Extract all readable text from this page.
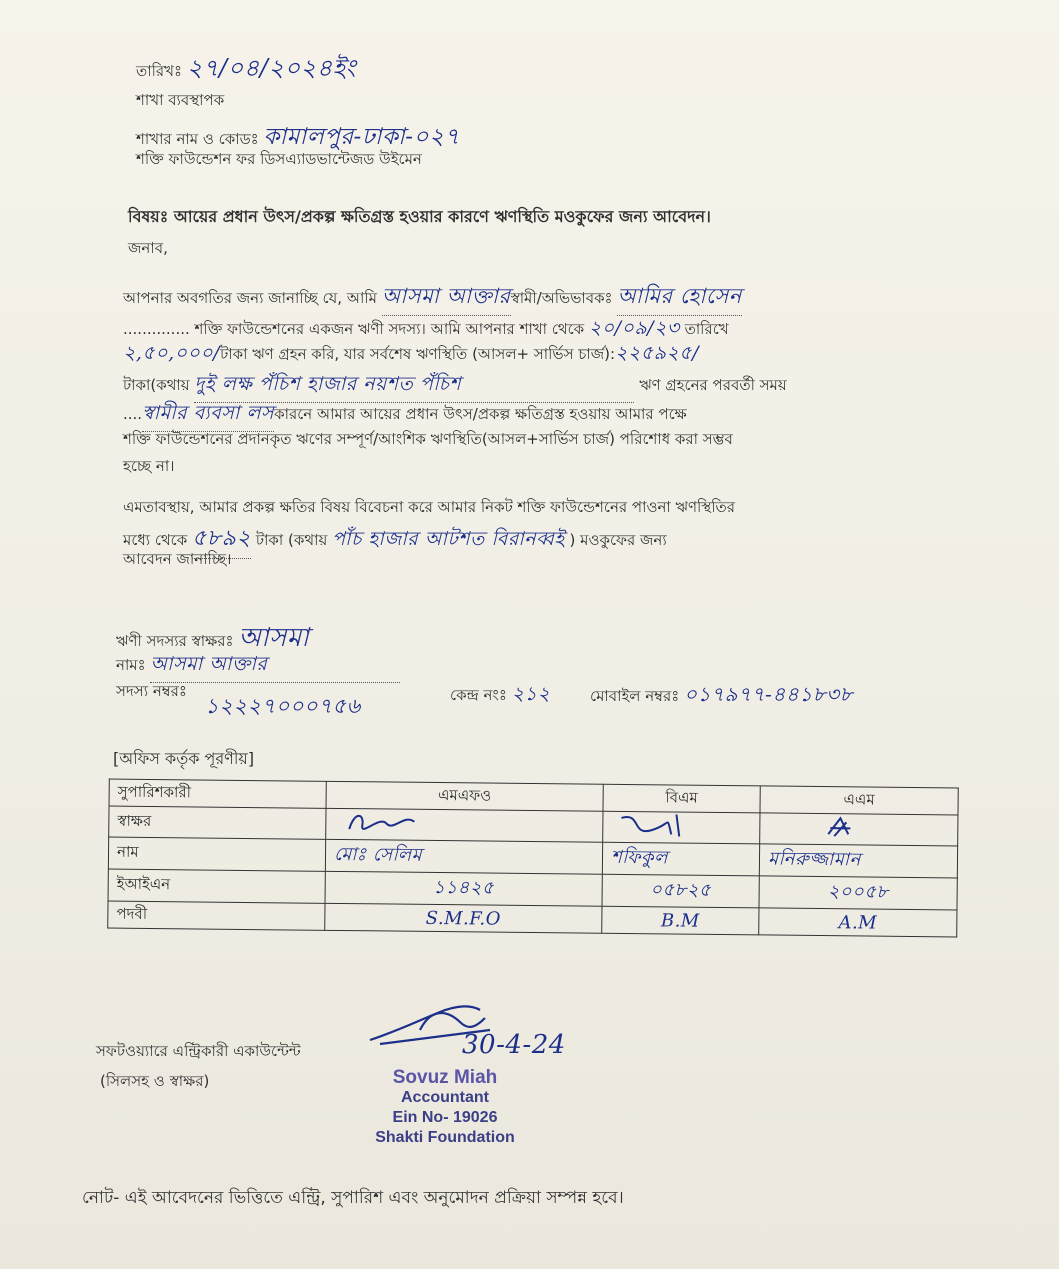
তারিখঃ ২৭/০৪/২০২৪ইং
শাখা ব্যবস্থাপক
শাখার নাম ও কোডঃ কামালপুর-ঢাকা-০২৭
শক্তি ফাউন্ডেশন ফর ডিসএ্যাডভান্টেজড উইমেন
বিষয়ঃ আয়ের প্রধান উৎস/প্রকল্প ক্ষতিগ্রস্ত হওয়ার কারণে ঋণস্থিতি মওকুফের জন্য আবেদন।
জনাব,
আপনার অবগতির জন্য জানাচ্ছি যে, আমি আসমা আক্তারস্বামী/অভিভাবকঃ আমির হোসেন
.............. শক্তি ফাউন্ডেশনের একজন ঋণী সদস্য। আমি আপনার শাখা থেকে ২০/০৯/২৩ তারিখে
২,৫০,০০০/টাকা ঋণ গ্রহন করি, যার সর্বশেষ ঋণস্থিতি (আসল+ সার্ভিস চার্জ):২২৫৯২৫/
টাকা(কথায় দুই লক্ষ পঁচিশ হাজার নয়শত পঁচিশ	ঋণ গ্রহনের পরবর্তী সময়
....স্বামীর ব্যবসা লসকারনে আমার আয়ের প্রধান উৎস/প্রকল্প ক্ষতিগ্রস্ত হওয়ায় আমার পক্ষে
শক্তি ফাউন্ডেশনের প্রদানকৃত ঋণের সম্পূর্ণ/আংশিক ঋণস্থিতি(আসল+সার্ভিস চার্জ) পরিশোধ করা সম্ভব
হচ্ছে না।
এমতাবস্থায়, আমার প্রকল্প ক্ষতির বিষয় বিবেচনা করে আমার নিকট শক্তি ফাউন্ডেশনের পাওনা ঋণস্থিতির
মধ্যে থেকে ৫৮৯২ টাকা (কথায় পাঁচ হাজার আটশত বিরানব্বই ) মওকুফের জন্য
আবেদন জানাচ্ছি।
ঋণী সদস্যর স্বাক্ষরঃ আসমা
নামঃ আসমা আক্তার
সদস্য নম্বরঃ
১২২২৭০০০৭৫৬	কেন্দ্র নংঃ ২১২	মোবাইল নম্বরঃ ০১৭৯৭৭-৪৪১৮৩৮
[অফিস কর্তৃক পূরণীয়]
সুপারিশকারী	এমএফও	বিএম	এএম
স্বাক্ষর			
নাম	মোঃ সেলিম	শফিকুল	মনিরুজ্জামান
ইআইএন	১১৪২৫	০৫৮২৫	২০০৫৮
পদবী	S.M.F.O	B.M	A.M
সফটওয়্যারে এন্ট্রিকারী একাউন্টেন্ট
(সিলসহ ও স্বাক্ষর)
30-4-24
Sovuz Miah
Accountant
Ein No- 19026
Shakti Foundation
নোট- এই আবেদনের ভিত্তিতে এন্ট্রি, সুপারিশ এবং অনুমোদন প্রক্রিয়া সম্পন্ন হবে।
